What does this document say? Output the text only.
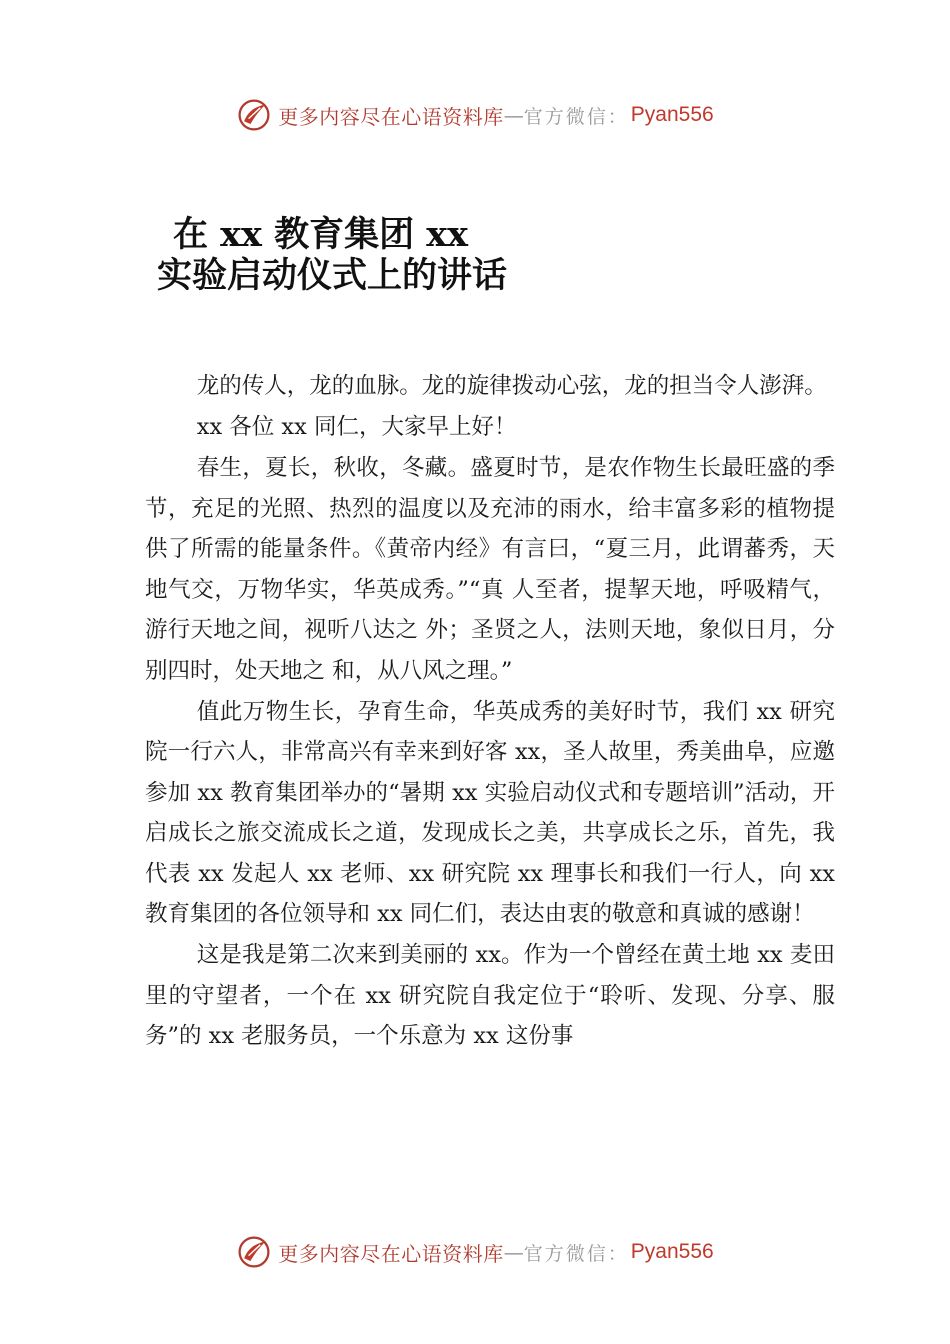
更多内容尽在心语资料库 — 官方微信： Pyan556
在 xx 教育集团 xx
实验启动仪式上的讲话

龙的传人，龙的血脉。龙的旋律拨动心弦，龙的担当令人澎湃。

xx 各位 xx 同仁，大家早上好！

春生，夏长，秋收，冬藏。盛夏时节，是农作物生长最旺盛的季节，充足的光照、热烈的温度以及充沛的雨水，给丰富多彩的植物提供了所需的能量条件。《黄帝内经》有言曰，“夏三月，此谓蕃秀，天地气交，万物华实，华英成秀。”“真 人至者，提挈天地，呼吸精气，游行天地之间，视听八达之 外；圣贤之人，法则天地，象似日月，分别四时，处天地之 和，从八风之理。”

值此万物生长，孕育生命，华英成秀的美好时节，我们 xx 研究院一行六人，非常高兴有幸来到好客 xx，圣人故里，秀美曲阜，应邀参加 xx 教育集团举办的“暑期 xx 实验启动仪式和专题培训”活动，开启成长之旅交流成长之道，发现成长之美，共享成长之乐，首先，我代表 xx 发起人 xx 老师、xx 研究院 xx 理事长和我们一行人，向 xx 教育集团的各位领导和 xx 同仁们，表达由衷的敬意和真诚的感谢！

这是我是第二次来到美丽的 xx。作为一个曾经在黄土地 xx 麦田里的守望者，一个在 xx 研究院自我定位于“聆听、发现、分享、服务”的 xx 老服务员，一个乐意为 xx 这份事

更多内容尽在心语资料库 — 官方微信： Pyan556
